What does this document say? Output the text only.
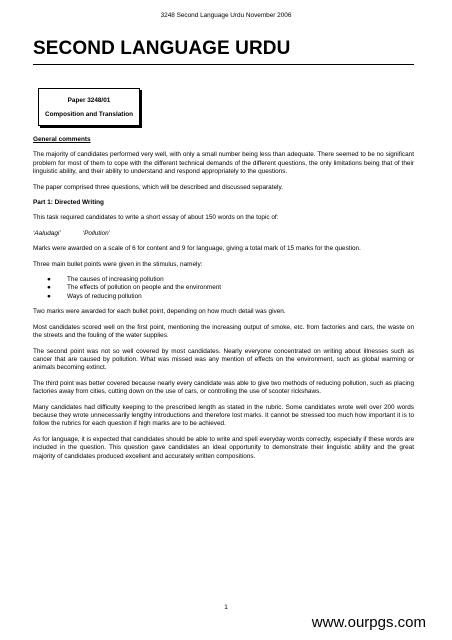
3248 Second Language Urdu November 2006
SECOND LANGUAGE URDU
Paper 3248/01
Composition and Translation

General comments

The majority of candidates performed very well, with only a small number being less than adequate. There seemed to be no significant problem for most of them to cope with the different technical demands of the different questions, the only limitations being that of their linguistic ability, and their ability to understand and respond appropriately to the questions.

The paper comprised three questions, which will be described and discussed separately.

Part 1: Directed Writing

This task required candidates to write a short essay of about 150 words on the topic of:

‘Aaludagi’	‘Pollution’

Marks were awarded on a scale of 6 for content and 9 for language, giving a total mark of 15 marks for the question.

Three main bullet points were given in the stimulus, namely:

●	The causes of increasing pollution
●	The effects of pollution on people and the environment
●	Ways of reducing pollution

Two marks were awarded for each bullet point, depending on how much detail was given.

Most candidates scored well on the first point, mentioning the increasing output of smoke, etc. from factories and cars, the waste on the streets and the fouling of the water supplies.

The second point was not so well covered by most candidates. Nearly everyone concentrated on writing about illnesses such as cancer that are caused by pollution. What was missed was any mention of effects on the environment, such as global warming or animals becoming extinct.

The third point was better covered because nearly every candidate was able to give two methods of reducing pollution, such as placing factories away from cities, cutting down on the use of cars, or controlling the use of scooter rickshaws.

Many candidates had difficulty keeping to the prescribed length as stated in the rubric. Some candidates wrote well over 200 words because they wrote unnecessarily lengthy introductions and therefore lost marks. It cannot be stressed too much how important it is to follow the rubrics for each question if high marks are to be achieved.

As for language, it is expected that candidates should be able to write and spell everyday words correctly, especially if these words are included in the question. This question gave candidates an ideal opportunity to demonstrate their linguistic ability and the great majority of candidates produced excellent and accurately written compositions.

1
www.ourpgs.com
